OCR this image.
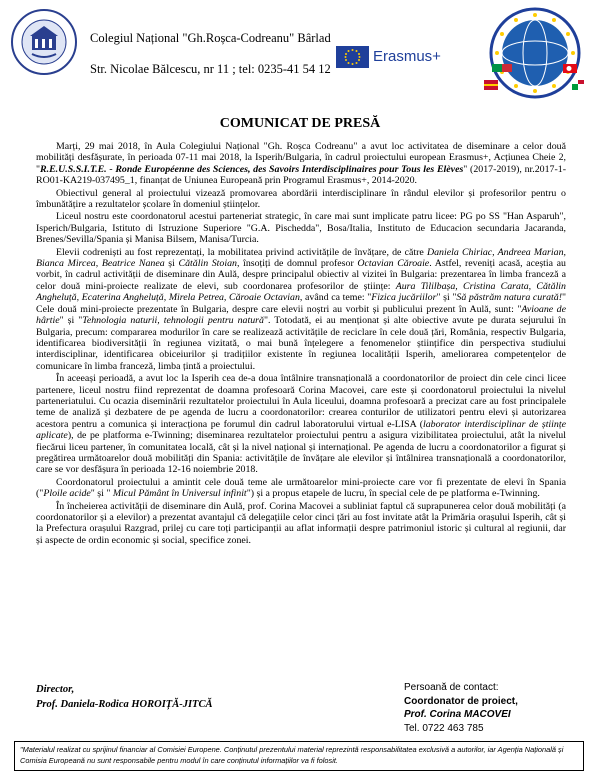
Colegiul Național "Gh.Roșca-Codreanu" Bârlad
Str. Nicolae Bălcescu, nr 11 ; tel: 0235-41 54 12
Erasmus+
COMUNICAT DE PRESĂ

Marți, 29 mai 2018, în Aula Colegiului Național "Gh. Roșca Codreanu" a avut loc activitatea de diseminare a celor două mobilități desfășurate, în perioada 07-11 mai 2018, la Isperih/Bulgaria, în cadrul proiectului european Erasmus+, Acțiunea Cheie 2, "R.E.U.S.S.I.T.E. - Ronde Européenne des Sciences, des Savoirs Interdisciplinaires pour Tous les Elèves" (2017-2019), nr.2017-1-RO01-KA219-037495_1, finanțat de Uniunea Europeană prin Programul Erasmus+, 2014-2020.

Obiectivul general al proiectului vizează promovarea abordării interdisciplinare în rândul elevilor și profesorilor pentru o îmbunătățire a rezultatelor școlare în domeniul științelor.

Liceul nostru este coordonatorul acestui parteneriat strategic, în care mai sunt implicate patru licee: PG po SS "Han Asparuh", Isperich/Bulgaria, Istituto di Istruzione Superiore "G.A. Pischedda", Bosa/Italia, Instituto de Educacion secundaria Jacaranda, Brenes/Sevilla/Spania și Manisa Bilsem, Manisa/Turcia.

Elevii codreniști au fost reprezentați, la mobilitatea privind activitățile de învățare, de către Daniela Chiriac, Andreea Marian, Bianca Mircea, Beatrice Nanea și Cătălin Stoian, însoțiți de domnul profesor Octavian Căroaie. Astfel, reveniți acasă, aceștia au vorbit, în cadrul activității de diseminare din Aulă, despre principalul obiectiv al vizitei în Bulgaria: prezentarea în limba franceză a celor două mini-proiecte realizate de elevi, sub coordonarea profesorilor de științe: Aura Tililbașa, Cristina Carata, Cătălin Angheluță, Ecaterina Angheluță, Mirela Petrea, Căroaie Octavian, având ca teme: "Fizica jucăriilor" și "Să păstrăm natura curată!" Cele două mini-proiecte prezentate în Bulgaria, despre care elevii noștri au vorbit și publicului prezent în Aulă, sunt: "Avioane de hârtie" și "Tehnologia naturii, tehnologii pentru natură". Totodată, ei au menționat și alte obiective avute pe durata sejurului în Bulgaria, precum: compararea modurilor în care se realizează activitățile de reciclare în cele două țări, România, respectiv Bulgaria, identificarea biodiversității în regiunea vizitată, o mai bună înțelegere a fenomenelor științifice din perspectiva studiului interdisciplinar, identificarea obiceiurilor și tradițiilor existente în regiunea localității Isperih, ameliorarea competențelor de comunicare în limba franceză, limba țintă a proiectului.

În aceeași perioadă, a avut loc la Isperih cea de-a doua întâlnire transnațională a coordonatorilor de proiect din cele cinci licee partenere, liceul nostru fiind reprezentat de doamna profesoară Corina Macovei, care este și coordonatorul proiectului la nivelul parteneriatului. Cu ocazia diseminării rezultatelor proiectului în Aula liceului, doamna profesoară a precizat care au fost principalele teme de analiză și dezbatere de pe agenda de lucru a coordonatorilor: crearea conturilor de utilizatori pentru elevi și autorizarea acestora pentru a comunica și interacționa pe forumul din cadrul laboratorului virtual e-LISA (laborator interdisciplinar de științe aplicate), de pe platforma e-Twinning; diseminarea rezultatelor proiectului pentru a asigura vizibilitatea proiectului, atât la nivelul fiecărui liceu partener, în comunitatea locală, cât și la nivel național și internațional. Pe agenda de lucru a coordonatorilor a figurat și pregătirea următoarelor două mobilități din Spania: activitățile de învățare ale elevilor și întâlnirea transnațională a coordonatorilor, care se vor desfășura în perioada 12-16 noiembrie 2018.

Coordonatorul proiectului a amintit cele două teme ale următoarelor mini-proiecte care vor fi prezentate de elevi în Spania ("Ploile acide" și " Micul Pământ în Universul infinit") și a propus etapele de lucru, în special cele de pe platforma e-Twinning.

În încheierea activității de diseminare din Aulă, prof. Corina Macovei a subliniat faptul că suprapunerea celor două mobilități (a coordonatorilor și a elevilor) a prezentat avantajul că delegațiile celor cinci țări au fost invitate atât la Primăria orașului Isperih, cât și la Prefectura orașului Razgrad, prilej cu care toți participanții au aflat informații despre patrimoniul istoric și cultural al regiunii, dar și aspecte de ordin economic și social, specifice zonei.

Director,
Prof. Daniela-Rodica HOROIȚĂ-JITCĂ
Persoană de contact:
Coordonator de proiect,
Prof. Corina MACOVEI
Tel. 0722 463 785
"Materialul realizat cu sprijinul financiar al Comisiei Europene. Conținutul prezentului material reprezintă responsabilitatea exclusivă a autorilor, iar Agenția Națională și Comisia Europeană nu sunt responsabile pentru modul în care conținutul informațiilor va fi folosit.
